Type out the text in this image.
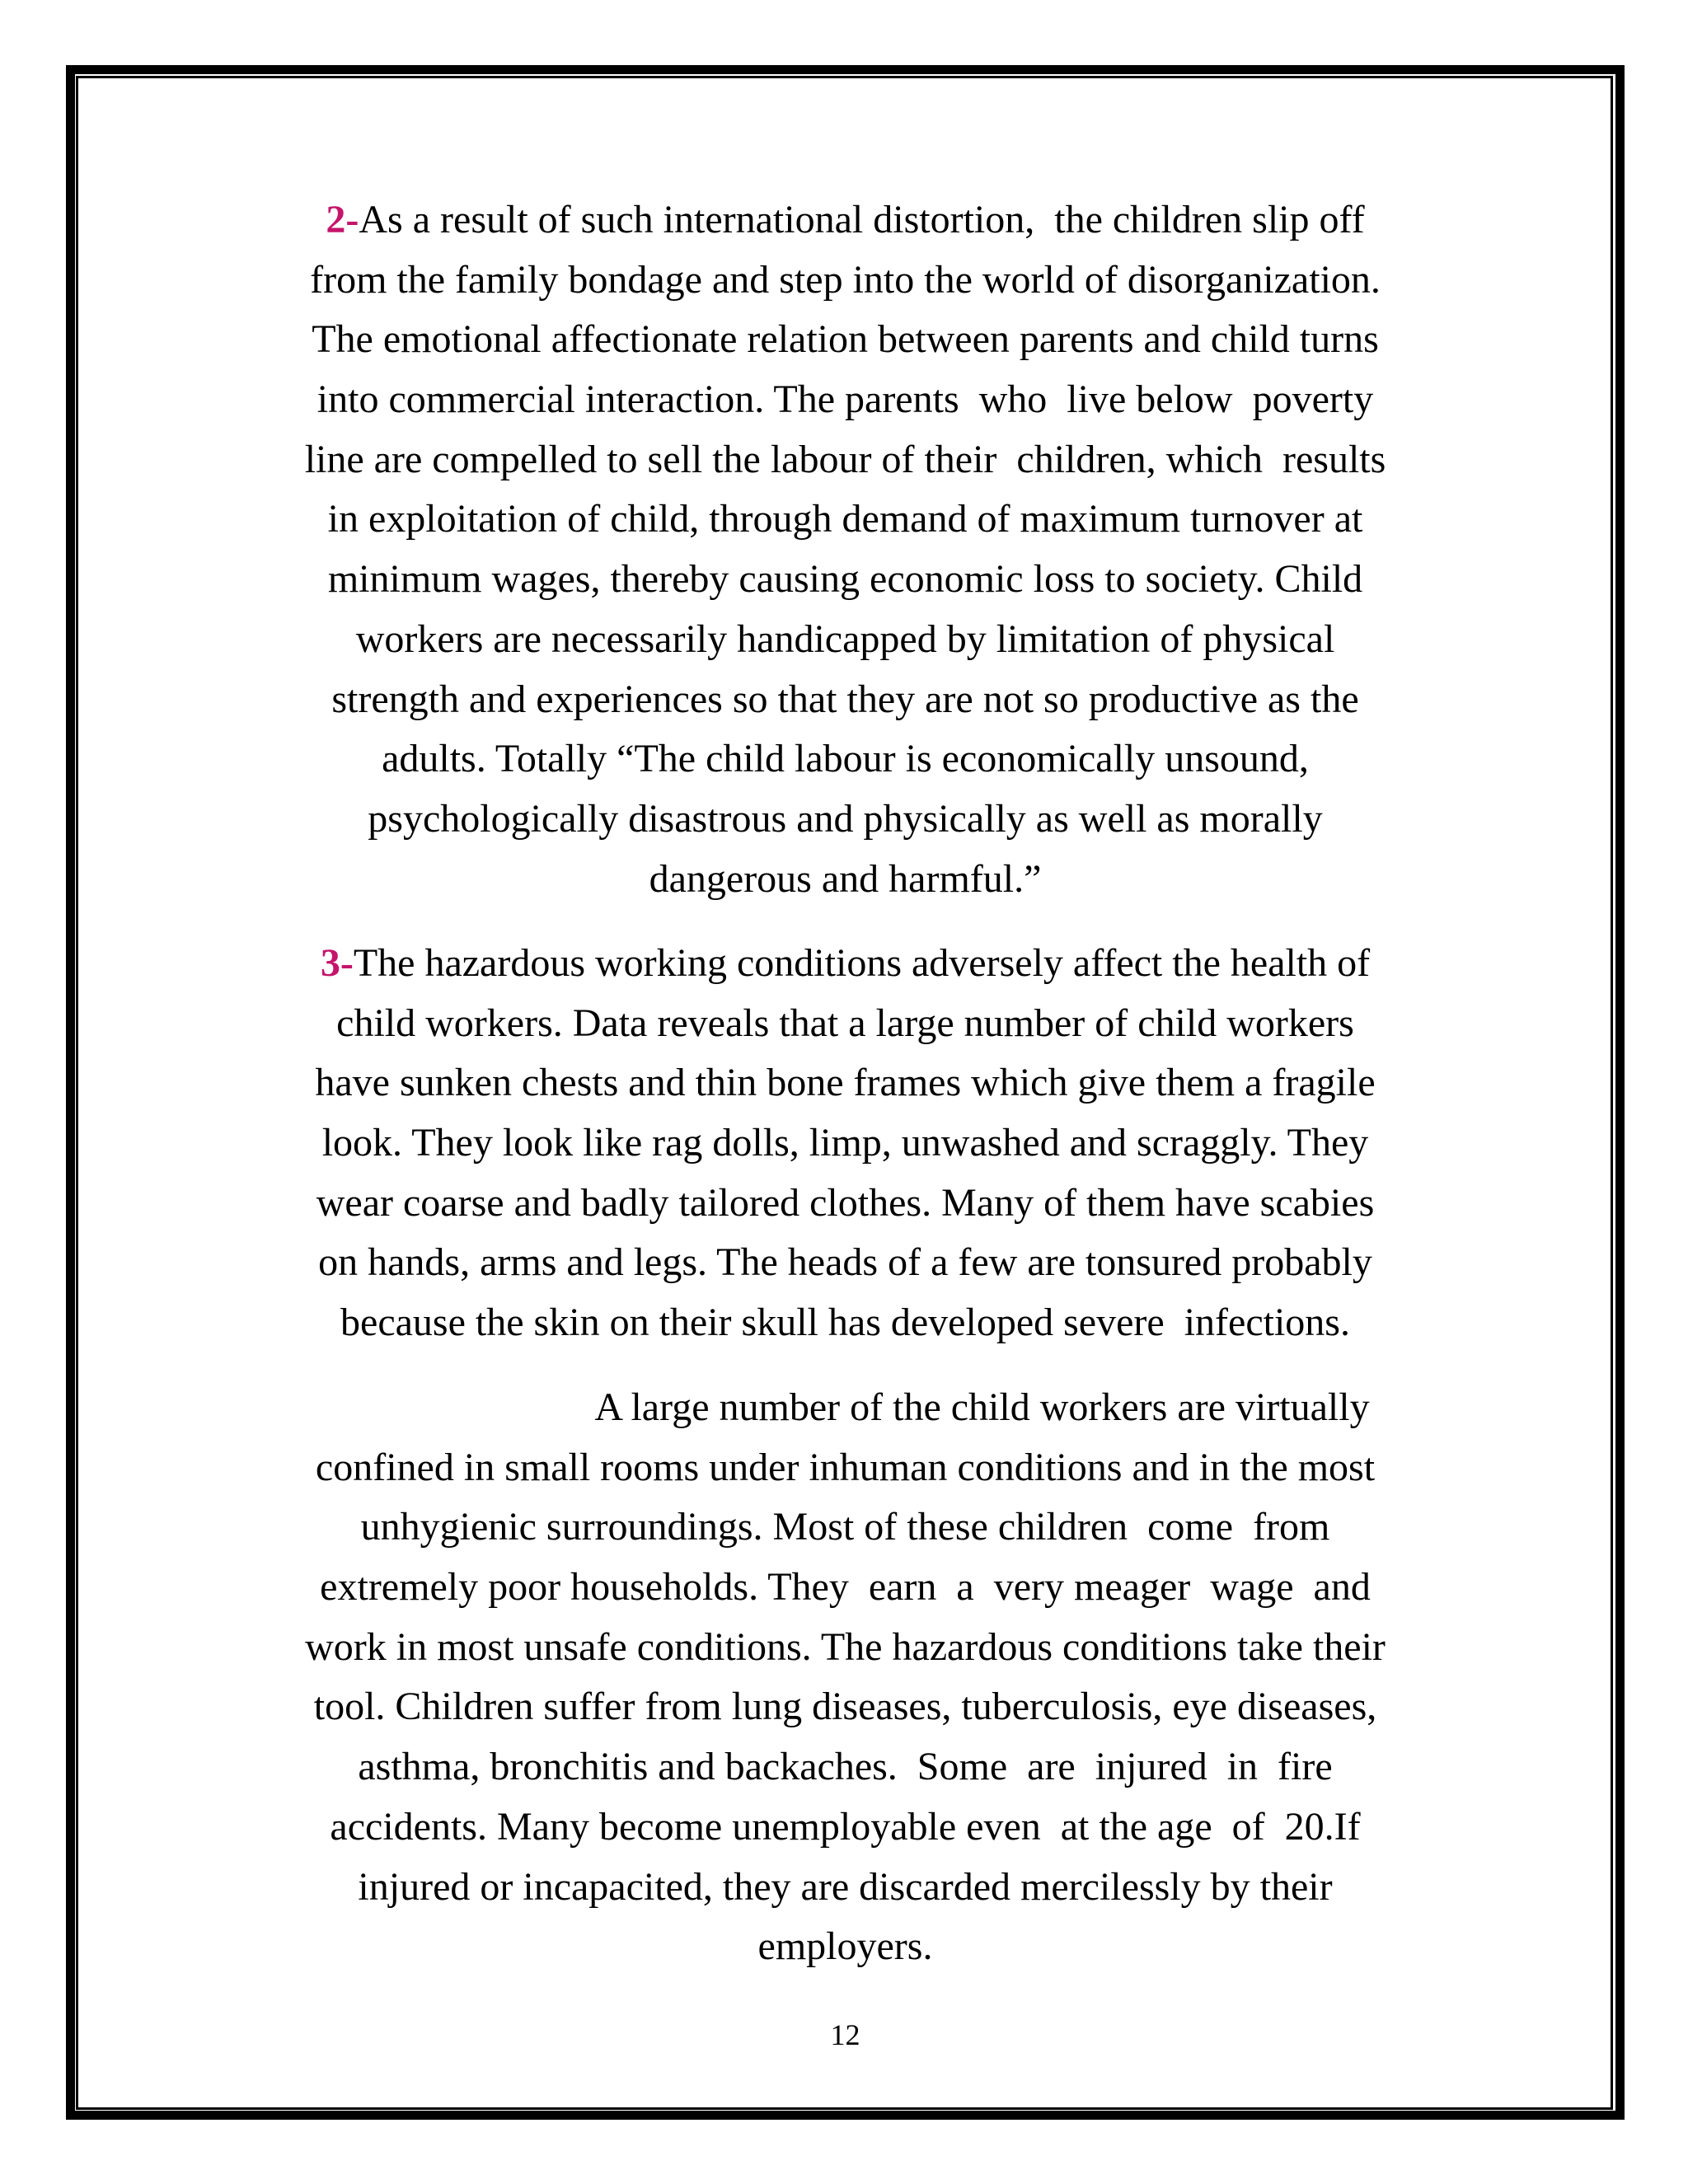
2-As a result of such international distortion,  the children slip off
from the family bondage and step into the world of disorganization.
The emotional affectionate relation between parents and child turns
into commercial interaction. The parents  who  live below  poverty
line are compelled to sell the labour of their  children, which  results
in exploitation of child, through demand of maximum turnover at
minimum wages, thereby causing economic loss to society. Child
workers are necessarily handicapped by limitation of physical
strength and experiences so that they are not so productive as the
adults. Totally “The child labour is economically unsound,
psychologically disastrous and physically as well as morally
dangerous and harmful.”
3-The hazardous working conditions adversely affect the health of
child workers. Data reveals that a large number of child workers
have sunken chests and thin bone frames which give them a fragile
look. They look like rag dolls, limp, unwashed and scraggly. They
wear coarse and badly tailored clothes. Many of them have scabies
on hands, arms and legs. The heads of a few are tonsured probably
because the skin on their skull has developed severe  infections.
A large number of the child workers are virtually
confined in small rooms under inhuman conditions and in the most
unhygienic surroundings. Most of these children  come  from
extremely poor households. They  earn  a  very meager  wage  and
work in most unsafe conditions. The hazardous conditions take their
tool. Children suffer from lung diseases, tuberculosis, eye diseases,
asthma, bronchitis and backaches.  Some  are  injured  in  fire
accidents. Many become unemployable even  at the age  of  20.If
injured or incapacited, they are discarded mercilessly by their
employers.
12
